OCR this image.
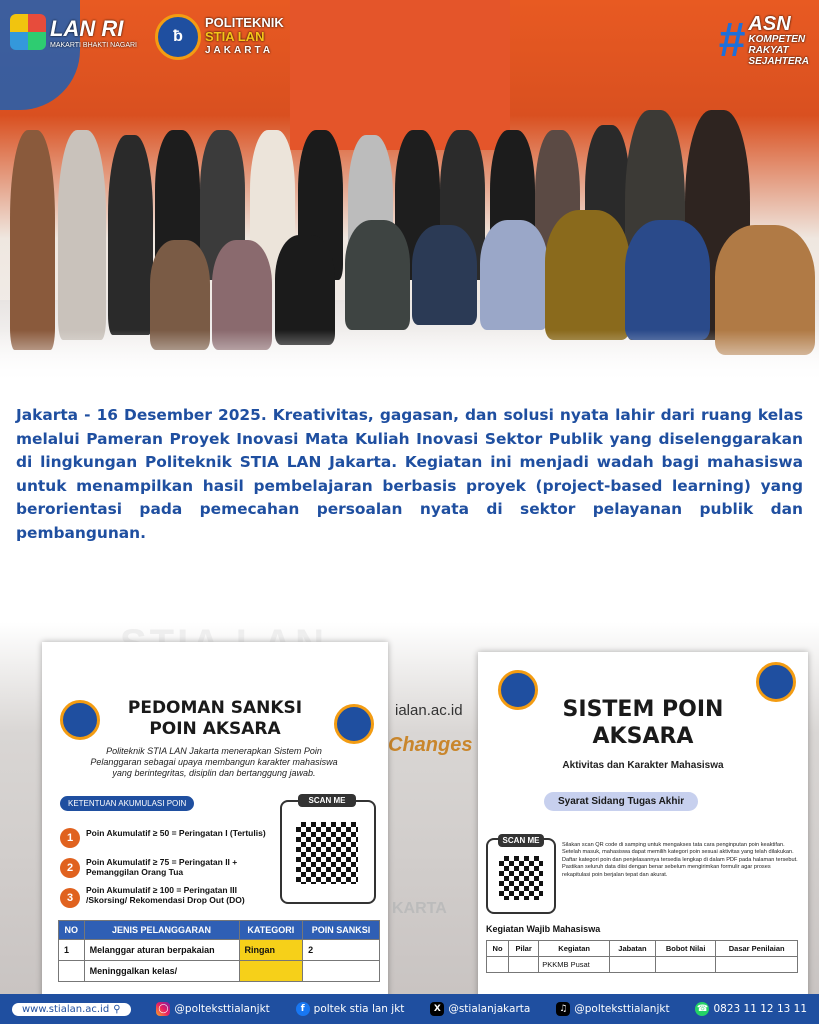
LAN RI
MAKARTI BHAKTI NAGARI	ƀ
POLITEKNIK
STIA LAN
JAKARTA	# ASN
KOMPETEN
RAKYAT
SEJAHTERA
Jakarta - 16 Desember 2025. Kreativitas, gagasan, dan solusi nyata lahir dari ruang kelas melalui Pameran Proyek Inovasi Mata Kuliah Inovasi Sektor Publik yang diselenggarakan di lingkungan Politeknik STIA LAN Jakarta. Kegiatan ini menjadi wadah bagi mahasiswa untuk menampilkan hasil pembelajaran berbasis proyek (project-based learning) yang berorientasi pada pemecahan persoalan nyata di sektor pelayanan publik dan pembangunan.
ialan.ac.id
Changes
KARTA
PEDOMAN SANKSI
POIN AKSARA
Politeknik STIA LAN Jakarta menerapkan Sistem Poin Pelanggaran sebagai upaya membangun karakter mahasiswa yang berintegritas, disiplin dan bertanggung jawab.
KETENTUAN AKUMULASI POIN
1	Poin Akumulatif ≥ 50 = Peringatan I (Tertulis)
2	Poin Akumulatif ≥ 75 = Peringatan II + Pemanggilan Orang Tua
3
Poin Akumulatif ≥ 100 = Peringatan III /Skorsing/ Rekomendasi Drop Out (DO)
SCAN ME
NO	JENIS PELANGGARAN	KATEGORI	POIN SANKSI
1	Melanggar aturan berpakaian	Ringan	2
	Meninggalkan kelas/		
SISTEM POIN
AKSARA
Aktivitas dan Karakter Mahasiswa
Syarat Sidang Tugas Akhir
SCAN ME	Silakan scan QR code di samping untuk mengakses tata cara penginputan poin keaktifan. Setelah masuk, mahasiswa dapat memilih kategori poin sesuai aktivitas yang telah dilakukan. Daftar kategori poin dan penjelasannya tersedia lengkap di dalam PDF pada halaman tersebut. Pastikan seluruh data diisi dengan benar sebelum mengirimkan formulir agar proses rekapitulasi poin berjalan tepat dan akurat.
Kegiatan Wajib Mahasiswa
No	Pilar	Kegiatan	Jabatan	Bobot Nilai	Dasar Penilaian
		PKKMB Pusat			
www.stialan.ac.id ⚲	◯ @polteksttialanjkt	f poltek stia lan jkt	X @stialanjakarta	♫ @polteksttialanjkt	☎ 0823 11 12 13 11
